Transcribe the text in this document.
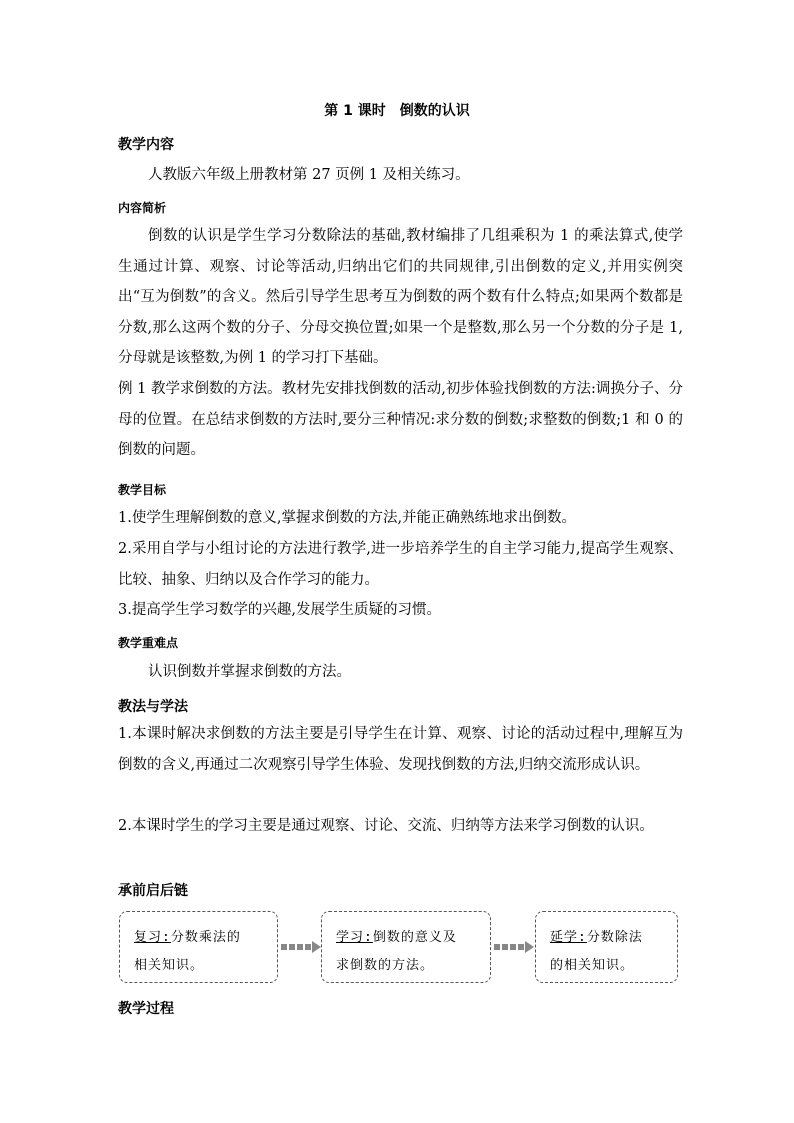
第 1 课时　倒数的认识
教学内容
人教版六年级上册教材第 27 页例 1 及相关练习。
内容简析
倒数的认识是学生学习分数除法的基础,教材编排了几组乘积为 1 的乘法算式,使学生通过计算、观察、讨论等活动,归纳出它们的共同规律,引出倒数的定义,并用实例突出“互为倒数”的含义。然后引导学生思考互为倒数的两个数有什么特点;如果两个数都是分数,那么这两个数的分子、分母交换位置;如果一个是整数,那么另一个分数的分子是 1,分母就是该整数,为例 1 的学习打下基础。
例 1 教学求倒数的方法。教材先安排找倒数的活动,初步体验找倒数的方法:调换分子、分母的位置。在总结求倒数的方法时,要分三种情况:求分数的倒数;求整数的倒数;1 和 0 的倒数的问题。
教学目标
1.使学生理解倒数的意义,掌握求倒数的方法,并能正确熟练地求出倒数。
2.采用自学与小组讨论的方法进行教学,进一步培养学生的自主学习能力,提高学生观察、比较、抽象、归纳以及合作学习的能力。
3.提高学生学习数学的兴趣,发展学生质疑的习惯。
教学重难点
认识倒数并掌握求倒数的方法。
教法与学法
1.本课时解决求倒数的方法主要是引导学生在计算、观察、讨论的活动过程中,理解互为倒数的含义,再通过二次观察引导学生体验、发现找倒数的方法,归纳交流形成认识。
2.本课时学生的学习主要是通过观察、讨论、交流、归纳等方法来学习倒数的认识。
承前启后链
复习:分数乘法的
相关知识。
学习:倒数的意义及
求倒数的方法。
延学:分数除法
的相关知识。
教学过程
